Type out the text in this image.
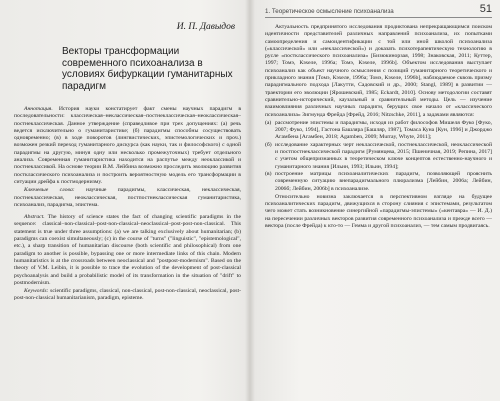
И. П. Давыдов
Векторы трансформации современного психоанализа в условиях бифуркации гуманитарных парадигм

Аннотация. История науки констатирует факт смены научных парадигм в последовательности: классическая–неклассическая–постнеклассическая–неоклассическая–постнеклассическая. Данное утверждение (справедливое при трех допущениях: (а) речь ведется исключительно о гуманитаристике; (б) парадигмы способны сосуществовать одновременно; (в) в ходе поворотов (лингвистических, эпистемологических и проч.) возможен резкий переход гуманитарного дискурса (как науки, так и философского) с одной парадигмы на другую, минуя одну или несколько промежуточных) требует отдельного анализа. Современная гуманитаристика находится на распутье между неоклассикой и постнеклассикой. На основе теории В.М. Лейбина возможно проследить эволюцию развития постклассического психоанализа и построить вероятностную модель его трансформации в ситуации дрейфа к постмодернизму.

Ключевые слова: научные парадигмы, классическая, неклассическая, постнеклассическая, неоклассическая, постпостнеклассическая гуманитаристика, психоанализ, парадигма, эпистема.

Abstract. The history of science states the fact of changing scientific paradigms in the sequence: classical–non-classical–post-non-classical–neoclassical–post-post-non-classical. This statement is true under three assumptions: (a) we are talking exclusively about humanitarian; (b) paradigms can coexist simultaneously; (c) in the course of "turns" ("linguistic", "epistemological", etc.), a sharp transition of humanitarian discourse (both scientific and philosophical) from one paradigm to another is possible, bypassing one or more intermediate links of this chain. Modern humanitaristics is at the crossroads between neoclassical and "postpost-modernism". Based on the theory of V.M. Leibin, it is possible to trace the evolution of the development of post-classical psychoanalysis and build a probabilistic model of its transformation in the situation of "drift" to postmodernism.

Keywords: scientific paradigms, classical, non-classical, post-non-classical, neoclassical, post-post-non-classical humanitarianism, paradigm, episteme.

1. Теоретическое осмысление психоанализа	51

Актуальность предпринятого исследования продиктована непрекращающимся поиском идентичности представителей различных направлений психоанализа, их попытками самоопределения и самоидентификации с той или иной школой психоанализа («классической» или «неклассической») и доказать психотерапевтическую технологию в русле «постклассического психоанализа» [Бизюкинорзая, 1998; Знаковская, 2011; Куттер, 1997; Томэ, Кэхеле, 1996а; Томэ, Кэхеле, 1996b]. Объектом исследования выступает психоанализ как объект научного осмысления с позиций гуманитарного теоретического и прикладного знания [Томэ, Кэхеле, 1996а; Томэ, Кэхеле, 1996b], наблюдаемое сквозь призму парадигмального подхода [Лакутти, Садовский и др., 2000; Stangl, 1989] в развитии — траектории его эволюции [Ярошевский, 1985; Eckardt, 2010]. Основу методологии составят сравнительно-исторический, каузальный и сравнительный методы. Цель — изучение взаимовлияния различных научных парадигм, берущих свое начало от «классического психоанализа» Зигмунда Фрейда [Фрейд, 2016; Nitzschke, 2011], а задачами являются:

(а) рассмотрение эпистемы и парадигмы, исходя из работ философов Мишеля Фуко [Фуко, 2007; Фуко, 1994], Гастона Башляра [Башляр, 1987], Томаса Куна [Кун, 1996] и Джорджо Агамбена [Агамбен, 2018; Agamben, 2009; Murray, Whyte, 2011];
(б) исследование характерных черт неклассической, постнеклассической, неоклассической и постпостнеклассической парадигм [Румянцева, 2015; Пшеничная, 2019; Репина, 2017] с учетом общепризнанных в теоретическом ключе концептов естественно-научного и гуманитарного знания [Ильин, 1993; Ильин, 1994];
(в) построение матрицы психоаналитических парадигм, позволяющей прояснить современную ситуацию внепарадигмального плюрализма [Лейбин, 2006а; Лейбин, 2006б; Лейбин, 2006b] в психоанализе.

Относительно новизна заключается в перспективном взгляде на будущее психоаналитических парадигм, движущихся в сторону слияния с эпистемами, результатом чего может стать возникновение синергийной «парадигмы-эпистемы» («кентавра» — И. Д.) на пересечении различных векторов развития современного психоанализа и прежде всего — вектора (после Фрейда) к кто-то — Гемма и другой психоанализ, — тем самым продвигаясь.
